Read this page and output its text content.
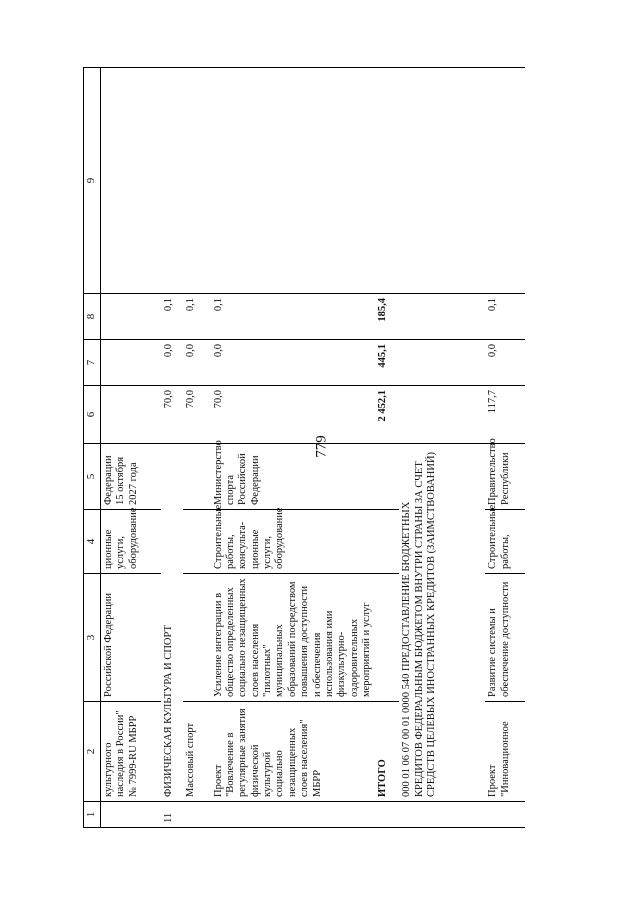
779
1	2	3	4	5	6	7	8	9
	культурного наследия в России" № 7999-RU МБРР	Российской Федерации	ционные услуги, оборудование	Федерации 15 октября 2027 года				
11	ФИЗИЧЕСКАЯ КУЛЬТУРА И СПОРТ				70,0	0,0	0,1	
	Массовый спорт				70,0	0,0	0,1	
	Проект "Вовлечение в регулярные занятия физической культурой социально незащищенных слоев населения" МБРР	Усиление интеграции в общество определенных социально незащищенных слоев населения "пилотных" муниципальных образований посредством повышения доступности и обеспечения использования ими физкультурно-оздоровительных мероприятий и услуг	Строительные работы, консульта-ционные услуги, оборудование	Министерство спорта Российской Федерации	70,0	0,0	0,1	
	ИТОГО				2 452,1	445,1	185,4	
	000 01 06 07 00 01 0000 540 ПРЕДОСТАВЛЕНИЕ БЮДЖЕТНЫХ КРЕДИТОВ ФЕДЕРАЛЬНЫМ БЮДЖЕТОМ ВНУТРИ СТРАНЫ ЗА СЧЕТ СРЕДСТВ ЦЕЛЕВЫХ ИНОСТРАННЫХ КРЕДИТОВ (ЗАИМСТВОВАНИЙ)							
	Проект "Инновационное	Развитие системы и обеспечение доступности	Строительные работы,	Правительство Республики	117,7	0,0	0,1	
